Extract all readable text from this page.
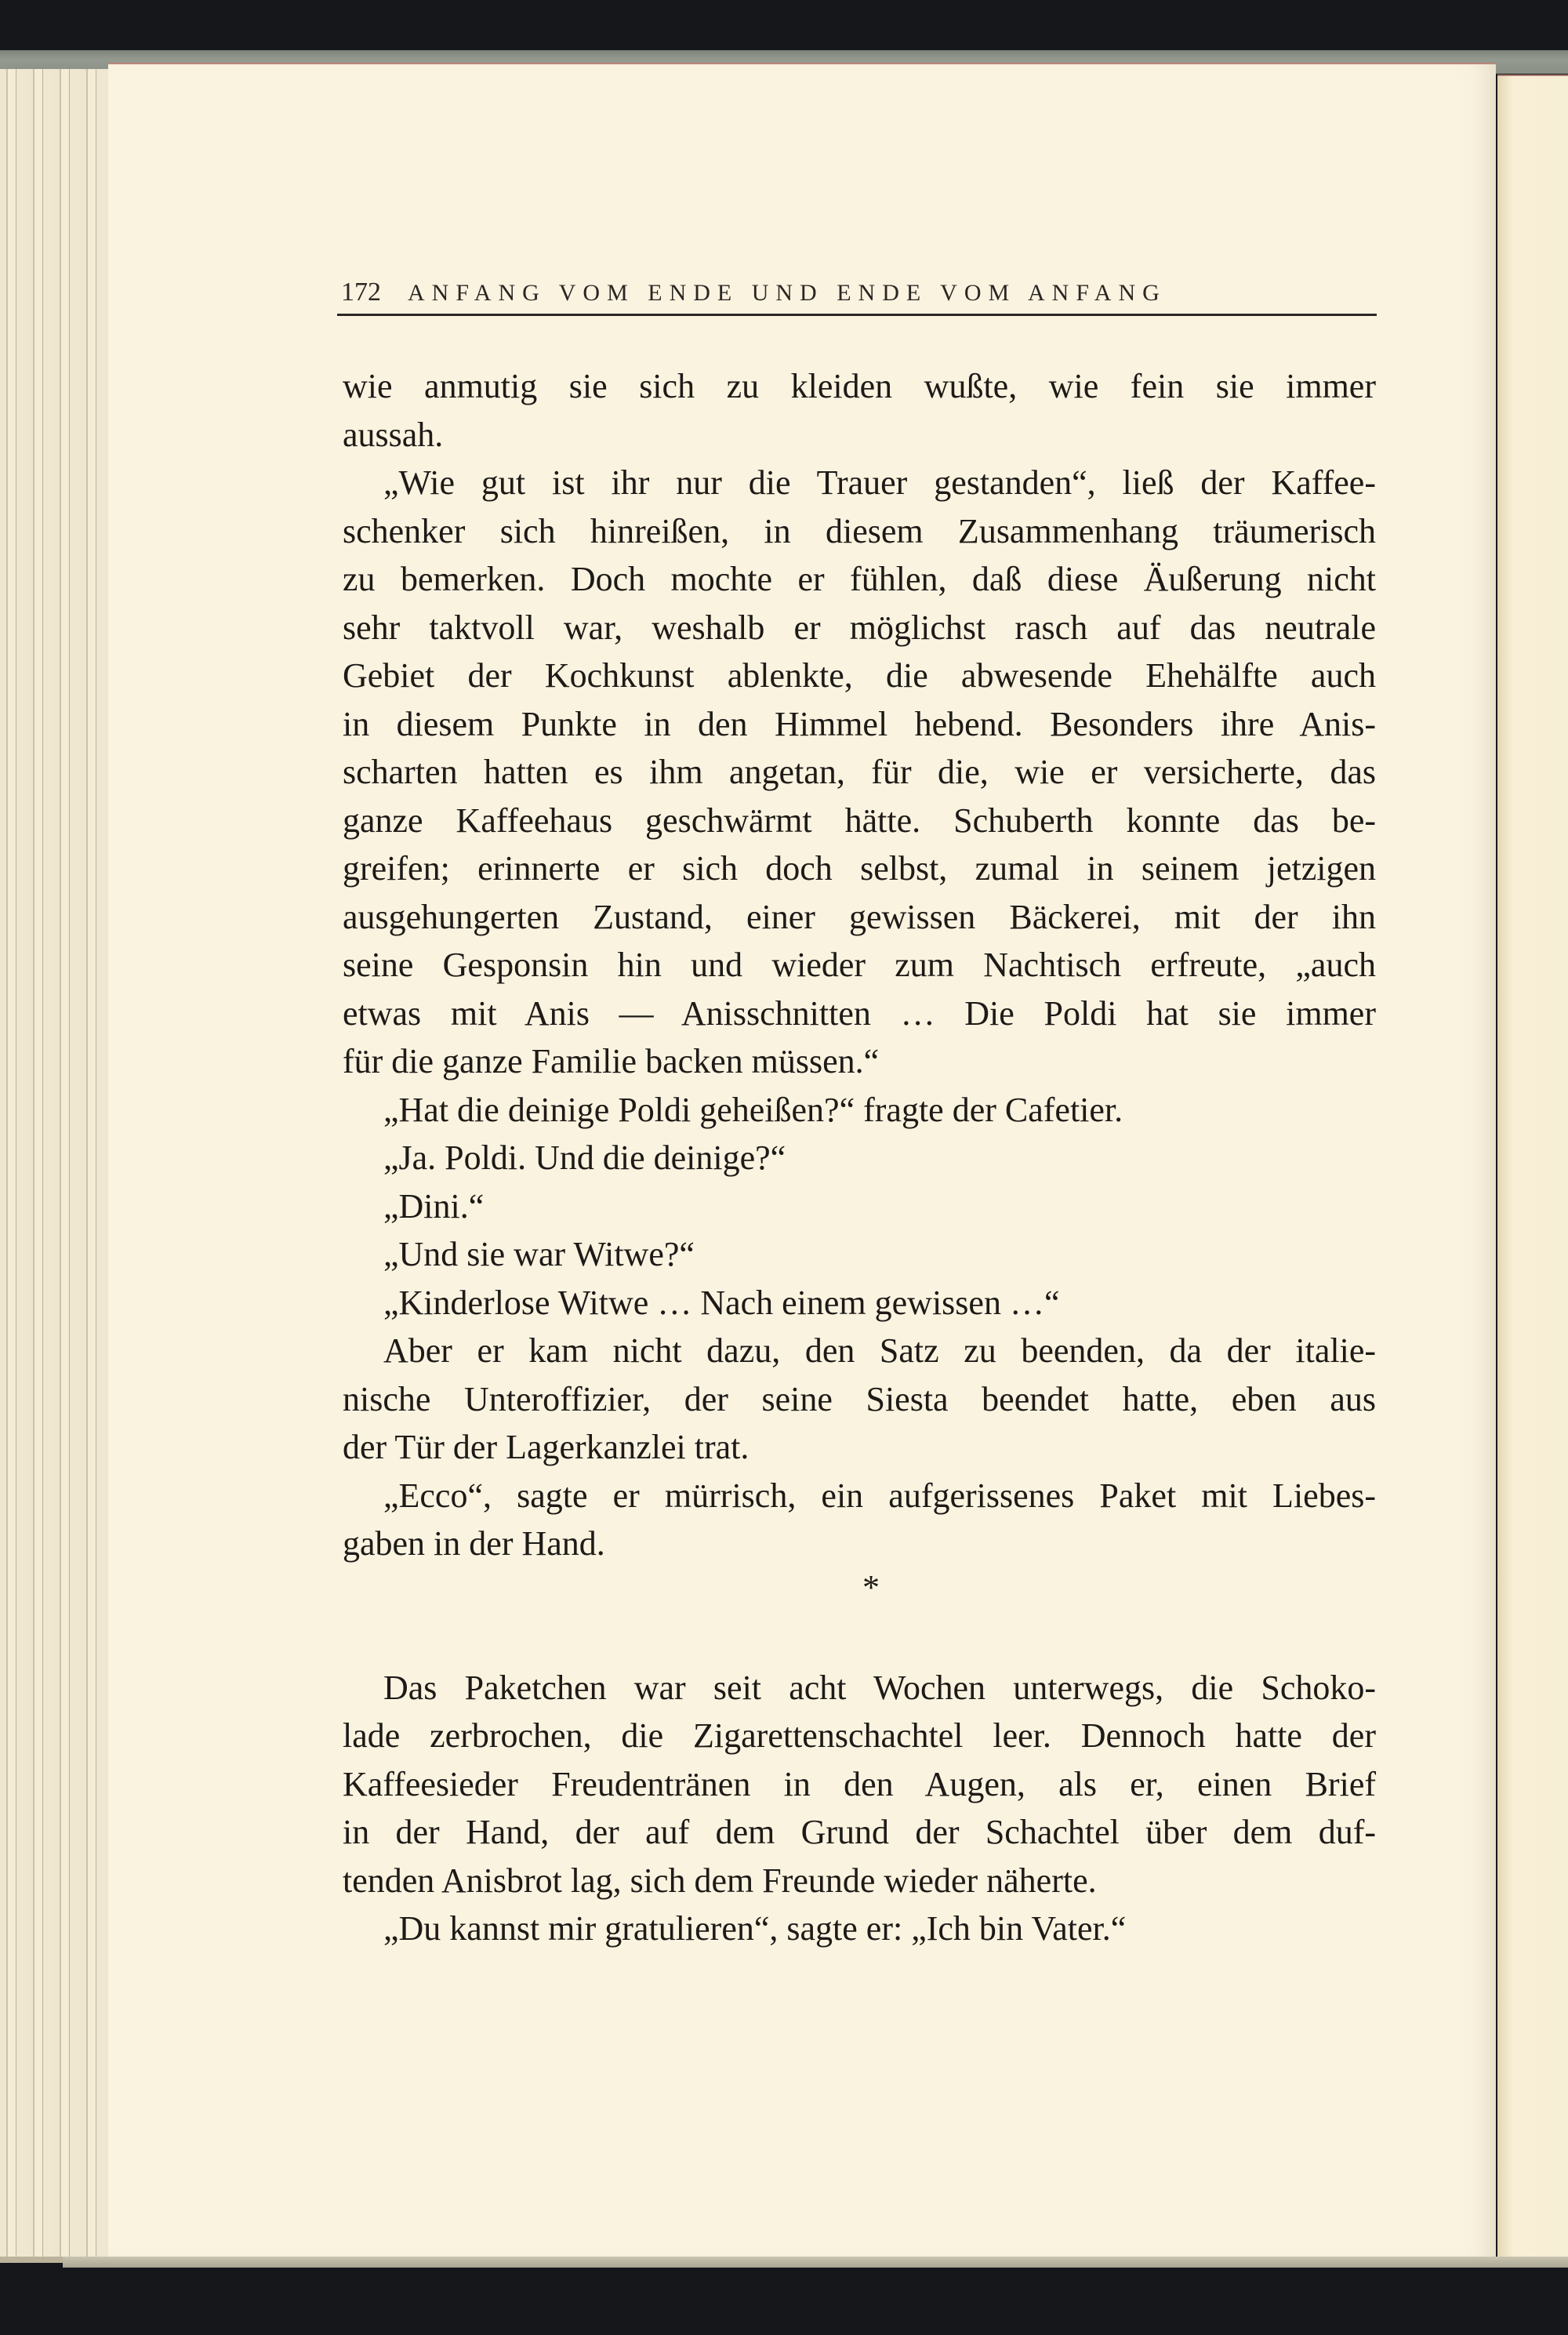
172	ANFANG VOM ENDE UND ENDE VOM ANFANG

wie anmutig sie sich zu kleiden wußte, wie fein sie immer
aussah.

„Wie gut ist ihr nur die Trauer gestanden“, ließ der Kaffee-
schenker sich hinreißen, in diesem Zusammenhang träumerisch
zu bemerken. Doch mochte er fühlen, daß diese Äußerung nicht
sehr taktvoll war, weshalb er möglichst rasch auf das neutrale
Gebiet der Kochkunst ablenkte, die abwesende Ehehälfte auch
in diesem Punkte in den Himmel hebend. Besonders ihre Anis-
scharten hatten es ihm angetan, für die, wie er versicherte, das
ganze Kaffeehaus geschwärmt hätte. Schuberth konnte das be-
greifen; erinnerte er sich doch selbst, zumal in seinem jetzigen
ausgehungerten Zustand, einer gewissen Bäckerei, mit der ihn
seine Gesponsin hin und wieder zum Nachtisch erfreute, „auch
etwas mit Anis — Anisschnitten … Die Poldi hat sie immer
für die ganze Familie backen müssen.“

„Hat die deinige Poldi geheißen?“ fragte der Cafetier.

„Ja. Poldi. Und die deinige?“

„Dini.“

„Und sie war Witwe?“

„Kinderlose Witwe … Nach einem gewissen …“

Aber er kam nicht dazu, den Satz zu beenden, da der italie-
nische Unteroffizier, der seine Siesta beendet hatte, eben aus
der Tür der Lagerkanzlei trat.

„Ecco“, sagte er mürrisch, ein aufgerissenes Paket mit Liebes-
gaben in der Hand.

*

Das Paketchen war seit acht Wochen unterwegs, die Schoko-
lade zerbrochen, die Zigarettenschachtel leer. Dennoch hatte der
Kaffeesieder Freudentränen in den Augen, als er, einen Brief
in der Hand, der auf dem Grund der Schachtel über dem duf-
tenden Anisbrot lag, sich dem Freunde wieder näherte.

„Du kannst mir gratulieren“, sagte er: „Ich bin Vater.“
